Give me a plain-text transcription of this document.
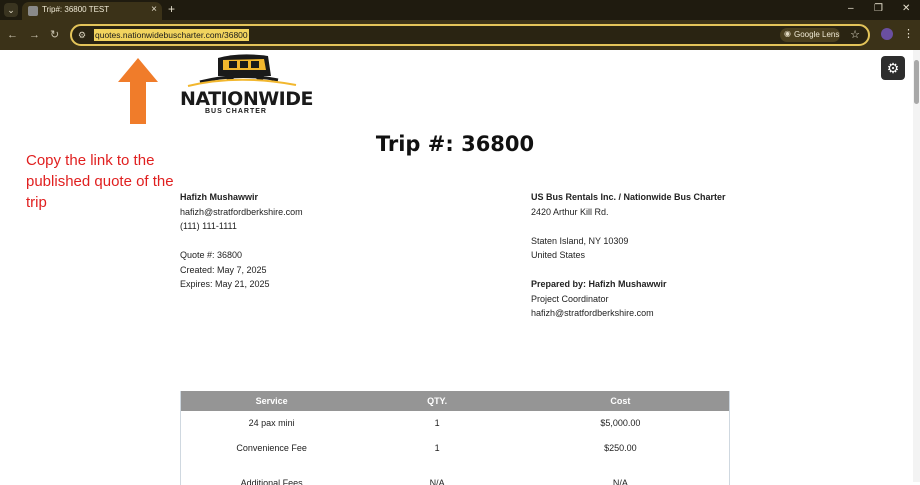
⌄	Trip#: 36800 TEST	× +	– ❐ ✕
← → ↻ ⚙ quotes.nationwidebuscharter.com/36800	◉ Google Lens ☆	⋮
⚙
Copy the link to the published quote of the trip
NATIONWIDE
BUS CHARTER
Trip #: 36800
Hafizh Mushawwir
hafizh@stratfordberkshire.com
(111) 111-1111
Quote #: 36800
Created: May 7, 2025
Expires: May 21, 2025
US Bus Rentals Inc. / Nationwide Bus Charter
2420 Arthur Kill Rd.
Staten Island, NY 10309
United States
Prepared by: Hafizh Mushawwir
Project Coordinator
hafizh@stratfordberkshire.com
Service	QTY.	Cost
24 pax mini	1	$5,000.00
Convenience Fee	1	$250.00
Additional Fees	N/A	N/A
